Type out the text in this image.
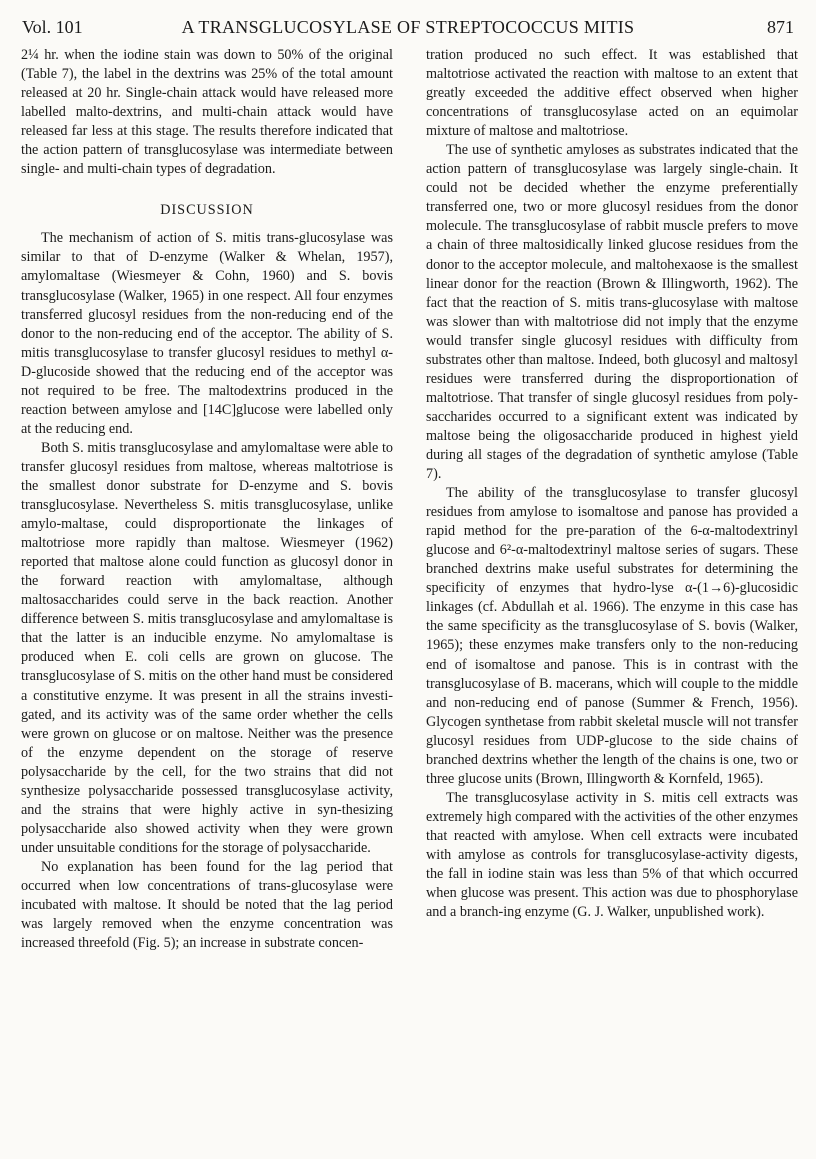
Vol. 101	A TRANSGLUCOSYLASE OF STREPTOCOCCUS MITIS	871

2¼ hr. when the iodine stain was down to 50% of the original (Table 7), the label in the dextrins was 25% of the total amount released at 20 hr. Single-chain attack would have released more labelled malto-dextrins, and multi-chain attack would have released far less at this stage. The results therefore indicated that the action pattern of transglucosylase was intermediate between single- and multi-chain types of degradation.

DISCUSSION

The mechanism of action of S. mitis trans-glucosylase was similar to that of D-enzyme (Walker & Whelan, 1957), amylomaltase (Wiesmeyer & Cohn, 1960) and S. bovis transglucosylase (Walker, 1965) in one respect. All four enzymes transferred glucosyl residues from the non-reducing end of the donor to the non-reducing end of the acceptor. The ability of S. mitis transglucosylase to transfer glucosyl residues to methyl α-D-glucoside showed that the reducing end of the acceptor was not required to be free. The maltodextrins produced in the reaction between amylose and [14C]glucose were labelled only at the reducing end.

Both S. mitis transglucosylase and amylomaltase were able to transfer glucosyl residues from maltose, whereas maltotriose is the smallest donor substrate for D-enzyme and S. bovis transglucosylase. Nevertheless S. mitis transglucosylase, unlike amylo-maltase, could disproportionate the linkages of maltotriose more rapidly than maltose. Wiesmeyer (1962) reported that maltose alone could function as glucosyl donor in the forward reaction with amylomaltase, although maltosaccharides could serve in the back reaction. Another difference between S. mitis transglucosylase and amylomaltase is that the latter is an inducible enzyme. No amylomaltase is produced when E. coli cells are grown on glucose. The transglucosylase of S. mitis on the other hand must be considered a constitutive enzyme. It was present in all the strains investi-gated, and its activity was of the same order whether the cells were grown on glucose or on maltose. Neither was the presence of the enzyme dependent on the storage of reserve polysaccharide by the cell, for the two strains that did not synthesize polysaccharide possessed transglucosylase activity, and the strains that were highly active in syn-thesizing polysaccharide also showed activity when they were grown under unsuitable conditions for the storage of polysaccharide.

No explanation has been found for the lag period that occurred when low concentrations of trans-glucosylase were incubated with maltose. It should be noted that the lag period was largely removed when the enzyme concentration was increased threefold (Fig. 5); an increase in substrate concen-

tration produced no such effect. It was established that maltotriose activated the reaction with maltose to an extent that greatly exceeded the additive effect observed when higher concentrations of transglucosylase acted on an equimolar mixture of maltose and maltotriose.

The use of synthetic amyloses as substrates indicated that the action pattern of transglucosylase was largely single-chain. It could not be decided whether the enzyme preferentially transferred one, two or more glucosyl residues from the donor molecule. The transglucosylase of rabbit muscle prefers to move a chain of three maltosidically linked glucose residues from the donor to the acceptor molecule, and maltohexaose is the smallest linear donor for the reaction (Brown & Illingworth, 1962). The fact that the reaction of S. mitis trans-glucosylase with maltose was slower than with maltotriose did not imply that the enzyme would transfer single glucosyl residues with difficulty from substrates other than maltose. Indeed, both glucosyl and maltosyl residues were transferred during the disproportionation of maltotriose. That transfer of single glucosyl residues from poly-saccharides occurred to a significant extent was indicated by maltose being the oligosaccharide produced in highest yield during all stages of the degradation of synthetic amylose (Table 7).

The ability of the transglucosylase to transfer glucosyl residues from amylose to isomaltose and panose has provided a rapid method for the pre-paration of the 6-α-maltodextrinyl glucose and 6²-α-maltodextrinyl maltose series of sugars. These branched dextrins make useful substrates for determining the specificity of enzymes that hydro-lyse α-(1→6)-glucosidic linkages (cf. Abdullah et al. 1966). The enzyme in this case has the same specificity as the transglucosylase of S. bovis (Walker, 1965); these enzymes make transfers only to the non-reducing end of isomaltose and panose. This is in contrast with the transglucosylase of B. macerans, which will couple to the middle and non-reducing end of panose (Summer & French, 1956). Glycogen synthetase from rabbit skeletal muscle will not transfer glucosyl residues from UDP-glucose to the side chains of branched dextrins whether the length of the chains is one, two or three glucose units (Brown, Illingworth & Kornfeld, 1965).

The transglucosylase activity in S. mitis cell extracts was extremely high compared with the activities of the other enzymes that reacted with amylose. When cell extracts were incubated with amylose as controls for transglucosylase-activity digests, the fall in iodine stain was less than 5% of that which occurred when glucose was present. This action was due to phosphorylase and a branch-ing enzyme (G. J. Walker, unpublished work).
